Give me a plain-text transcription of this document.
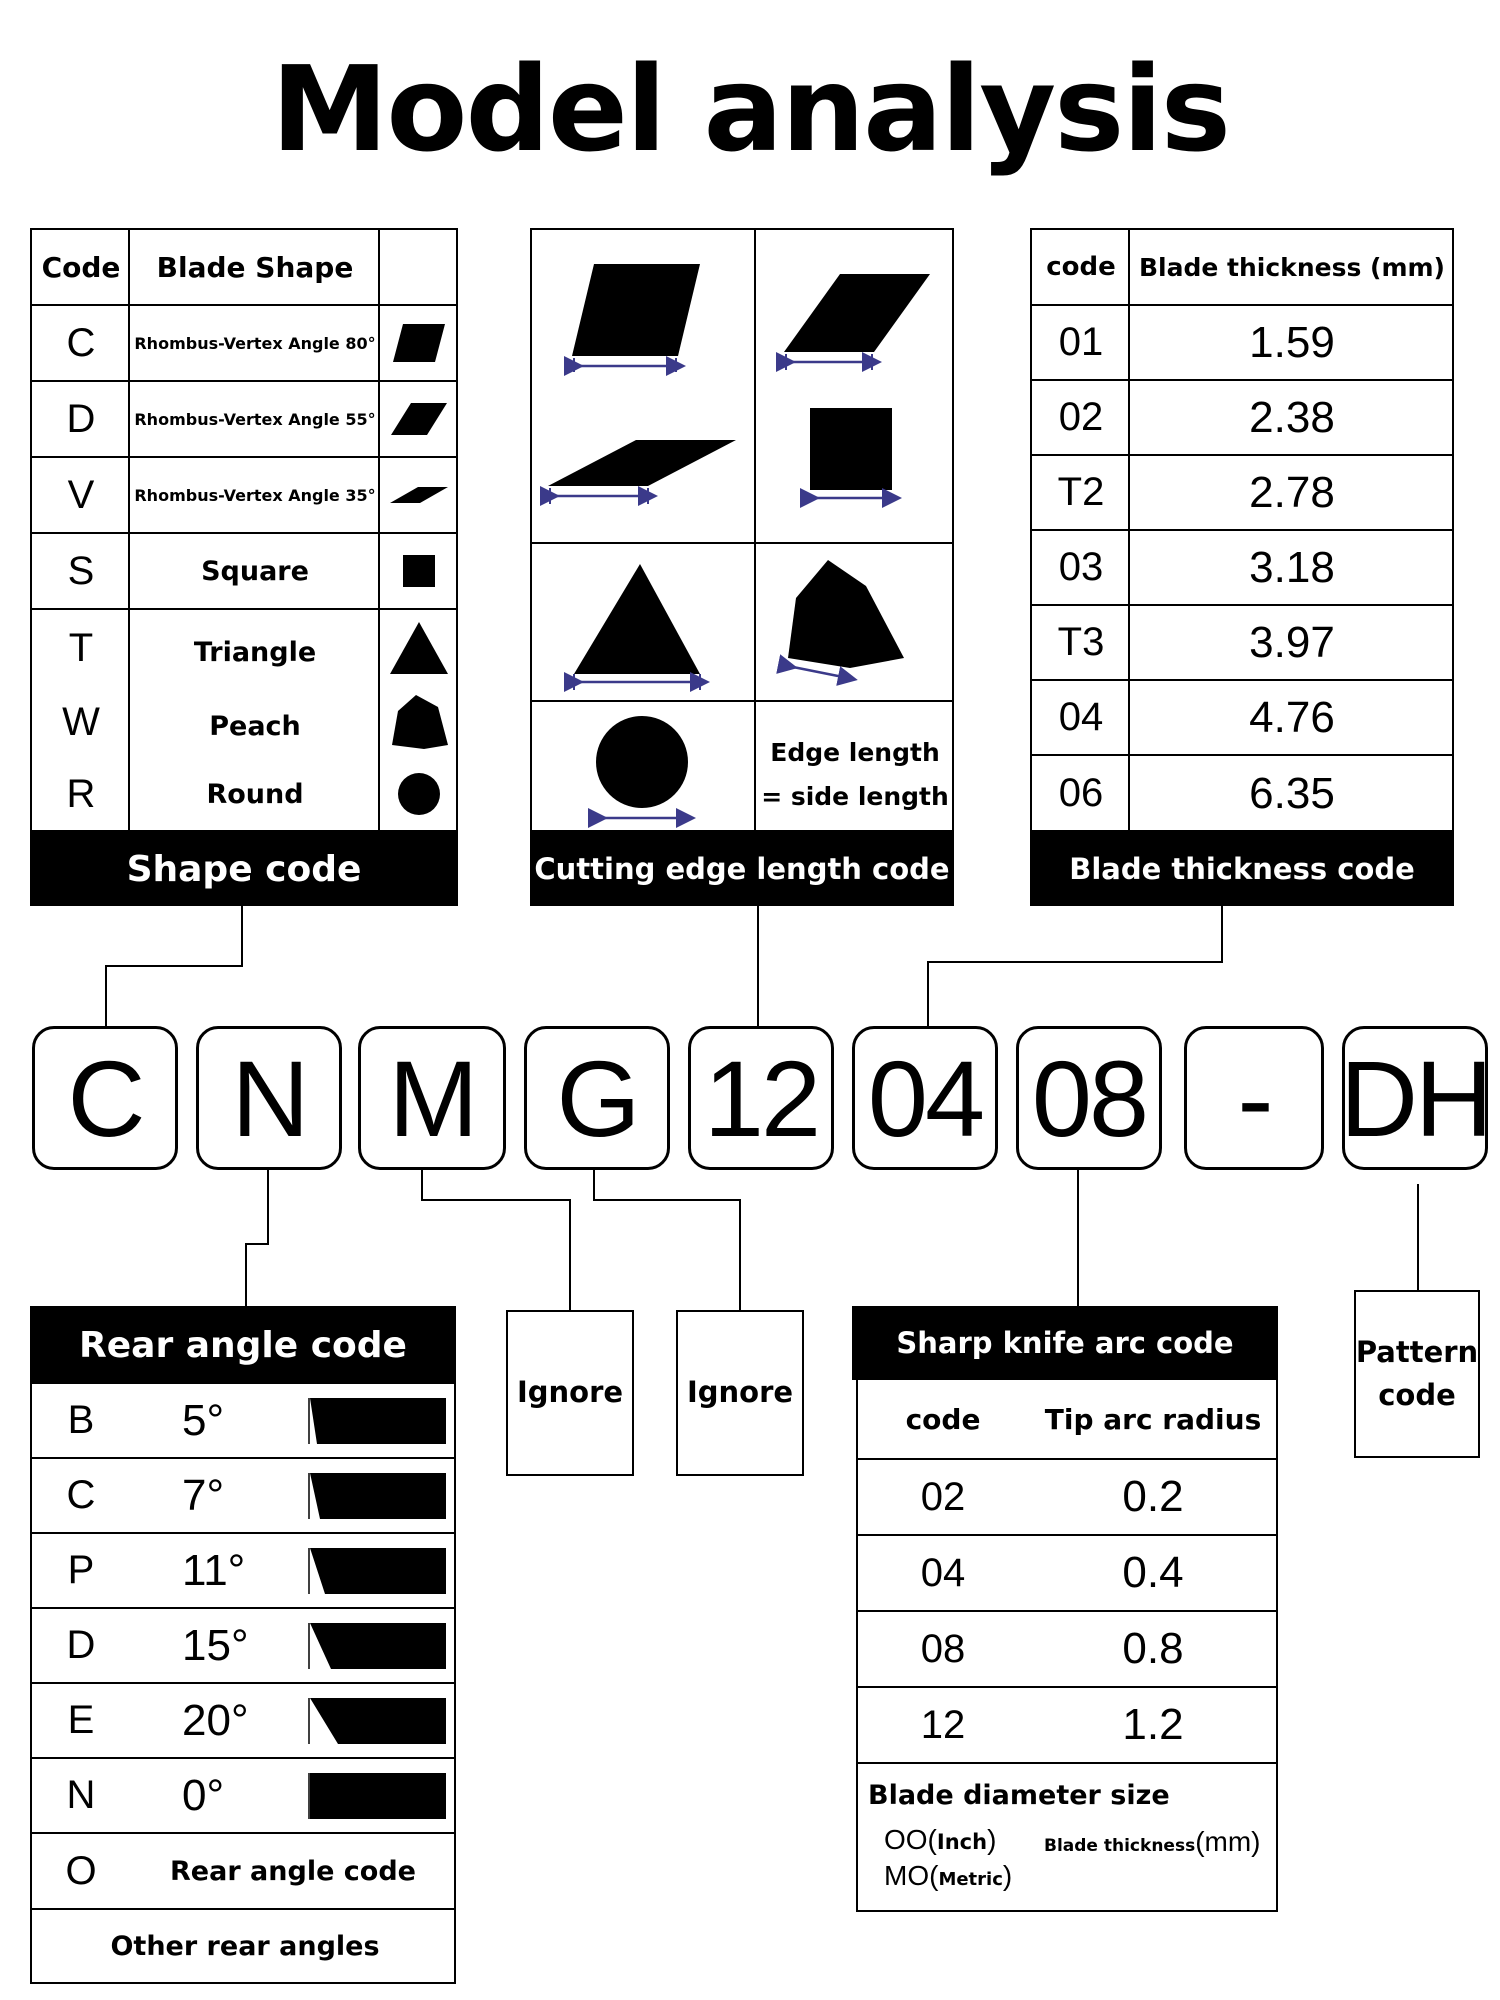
Model analysis
Code	Blade Shape
C	Rhombus-Vertex Angle 80°
D	Rhombus-Vertex Angle 55°
V	Rhombus-Vertex Angle 35°
S	Square
T	Triangle
W	Peach
R	Round
Shape code
Edge length
= side length
Cutting edge length code
code Blade thickness (mm)
01	1.59
02	2.38
T2	2.78
03	3.18
T3	3.97
04	4.76
06	6.35
Blade thickness code
C N M G 12 04 08 - DH
Rear angle code
B	5°
C	7°
P	11°
D	15°
E	20°
N	0°
O	Rear angle code
Other rear angles
Ignore	Ignore
Sharp knife arc code
code	Tip arc radius
02	0.2
04	0.4
08	0.8
12	1.2
Blade diameter size
OO(Inch)
MO(Metric)
Blade thickness(mm)
Pattern
code
